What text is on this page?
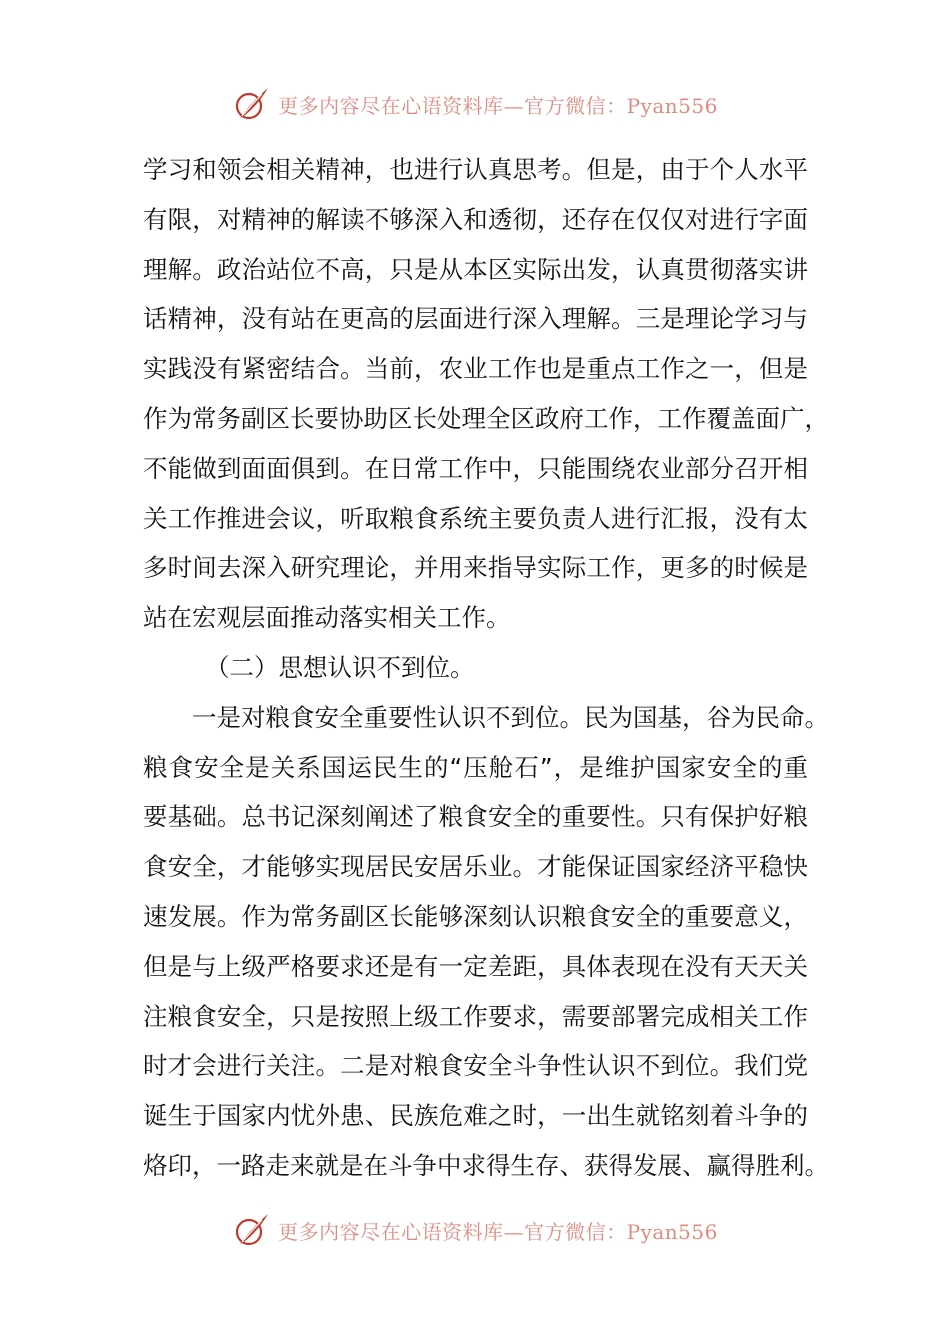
更多内容尽在心语资料库—官方微信：Pyan556
学习和领会相关精神，也进行认真思考。但是，由于个人水平
有限，对精神的解读不够深入和透彻，还存在仅仅对进行字面
理解。政治站位不高，只是从本区实际出发，认真贯彻落实讲
话精神，没有站在更高的层面进行深入理解。三是理论学习与
实践没有紧密结合。当前，农业工作也是重点工作之一，但是
作为常务副区长要协助区长处理全区政府工作，工作覆盖面广，
不能做到面面俱到。在日常工作中，只能围绕农业部分召开相
关工作推进会议，听取粮食系统主要负责人进行汇报，没有太
多时间去深入研究理论，并用来指导实际工作，更多的时候是
站在宏观层面推动落实相关工作。
（二）思想认识不到位。
一是对粮食安全重要性认识不到位。民为国基，谷为民命。
粮食安全是关系国运民生的“压舱石”，是维护国家安全的重
要基础。总书记深刻阐述了粮食安全的重要性。只有保护好粮
食安全，才能够实现居民安居乐业。才能保证国家经济平稳快
速发展。作为常务副区长能够深刻认识粮食安全的重要意义，
但是与上级严格要求还是有一定差距，具体表现在没有天天关
注粮食安全，只是按照上级工作要求，需要部署完成相关工作
时才会进行关注。二是对粮食安全斗争性认识不到位。我们党
诞生于国家内忧外患、民族危难之时，一出生就铭刻着斗争的
烙印，一路走来就是在斗争中求得生存、获得发展、赢得胜利。
更多内容尽在心语资料库—官方微信：Pyan556
